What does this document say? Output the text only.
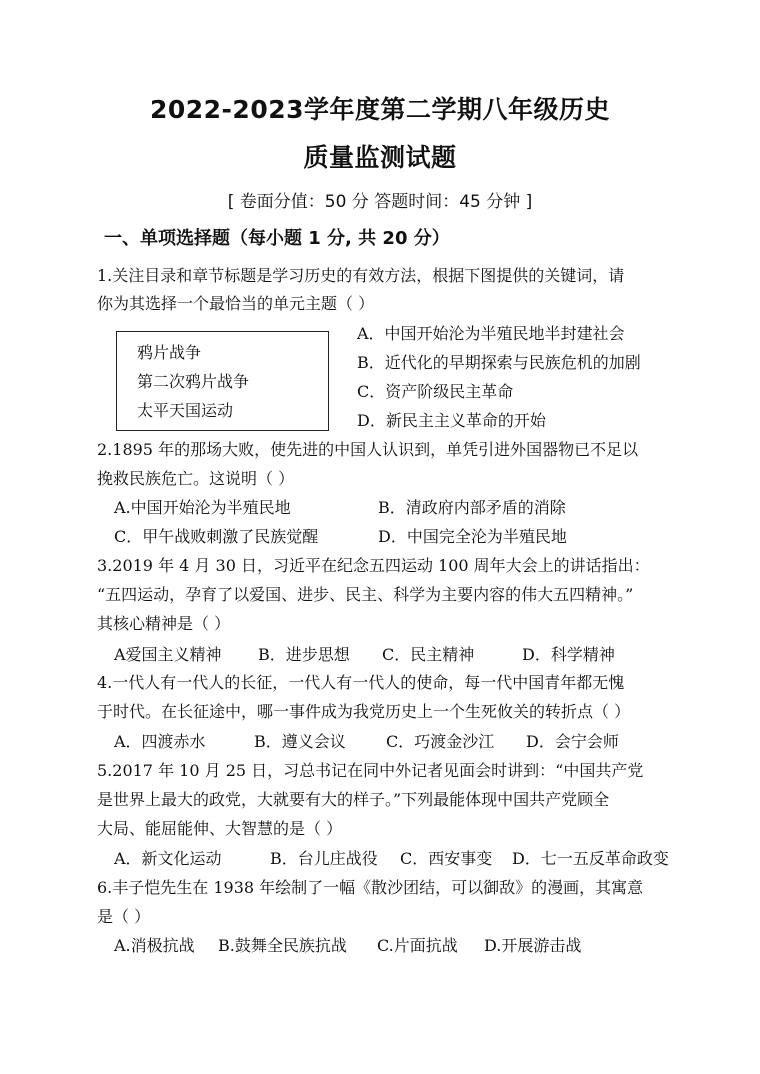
2022-2023学年度第二学期八年级历史
质量监测试题
[ 卷面分值：50 分 答题时间：45 分钟 ]
一、单项选择题（每小题 1 分, 共 20 分）
1.关注目录和章节标题是学习历史的有效方法，根据下图提供的关键词，请
你为其选择一个最恰当的单元主题（ ）
鸦片战争
第二次鸦片战争
太平天国运动
A．中国开始沦为半殖民地半封建社会
B．近代化的早期探索与民族危机的加剧
C．资产阶级民主革命
D．新民主主义革命的开始
2.1895 年的那场大败，使先进的中国人认识到，单凭引进外国器物已不足以
挽救民族危亡。这说明（ ）
A.中国开始沦为半殖民地	B．清政府内部矛盾的消除
C．甲午战败刺激了民族觉醒	D．中国完全沦为半殖民地
3.2019 年 4 月 30 日，习近平在纪念五四运动 100 周年大会上的讲话指出：
“五四运动，孕育了以爱国、进步、民主、科学为主要内容的伟大五四精神。”
其核心精神是（ ）
A爱国主义精神 B．进步思想 C．民主精神	D．科学精神
4.一代人有一代人的长征，一代人有一代人的使命，每一代中国青年都无愧
于时代。在长征途中，哪一事件成为我党历史上一个生死攸关的转折点（ ）
A．四渡赤水	B．遵义会议	C．巧渡金沙江 D．会宁会师
5.2017 年 10 月 25 日，习总书记在同中外记者见面会时讲到：“中国共产党
是世界上最大的政党，大就要有大的样子。”下列最能体现中国共产党顾全
大局、能屈能伸、大智慧的是（ ）
A．新文化运动	B．台儿庄战役 C．西安事变 D．七一五反革命政变
6.丰子恺先生在 1938 年绘制了一幅《散沙团结，可以御敌》的漫画，其寓意
是（ ）
A.消极抗战 B.鼓舞全民族抗战 C.片面抗战 D.开展游击战
